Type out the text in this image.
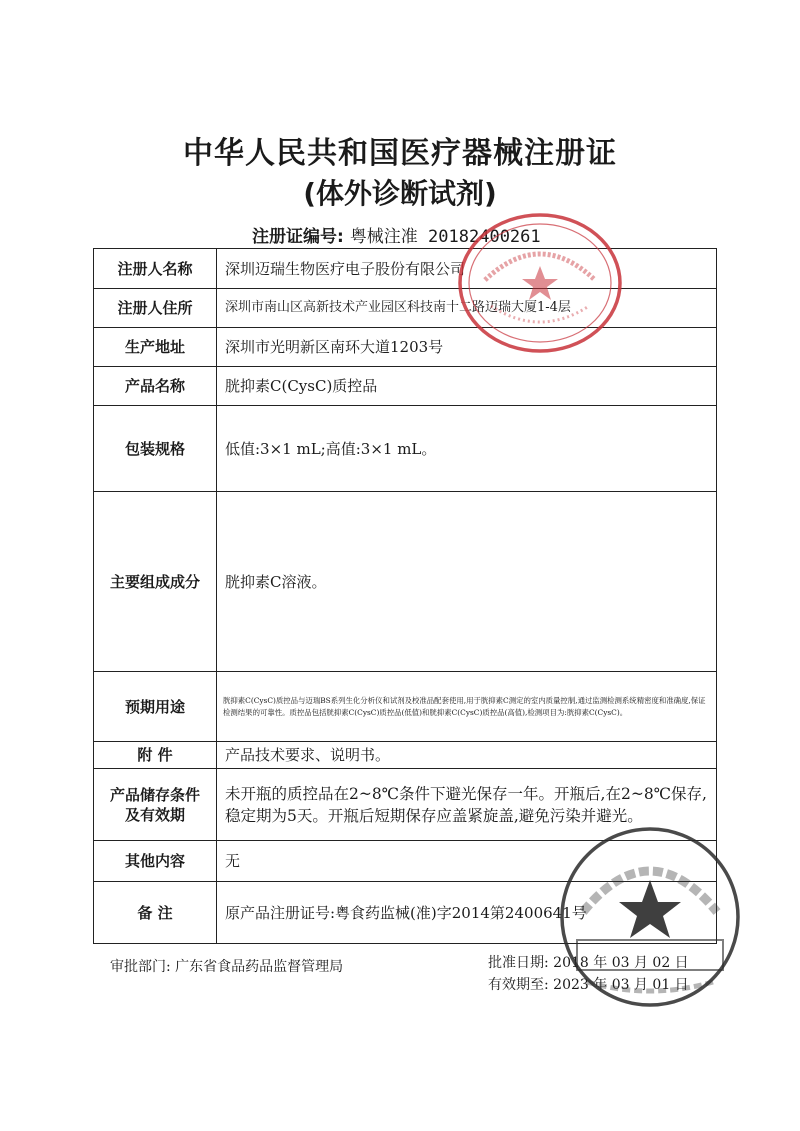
中华人民共和国医疗器械注册证
(体外诊断试剂)
注册证编号: 粤械注准 20182400261
注册人名称	深圳迈瑞生物医疗电子股份有限公司
注册人住所	深圳市南山区高新技术产业园区科技南十二路迈瑞大厦1-4层
生产地址	深圳市光明新区南环大道1203号
产品名称	胱抑素C(CysC)质控品
包装规格	低值:3×1 mL;高值:3×1 mL。
主要组成成分	胱抑素C溶液。
预期用途	胱抑素C(CysC)质控品与迈瑞BS系列生化分析仪和试剂及校准品配套使用,用于胱抑素C测定的室内质量控制,通过监测检测系统精密度和准确度,保证检测结果的可靠性。质控品包括胱抑素C(CysC)质控品(低值)和胱抑素C(CysC)质控品(高值),检测项目为:胱抑素C(CysC)。
附 件	产品技术要求、说明书。

产品储存条件
及有效期	未开瓶的质控品在2~8℃条件下避光保存一年。开瓶后,在2~8℃保存,稳定期为5天。开瓶后短期保存应盖紧旋盖,避免污染并避光。
其他内容	无
备 注	原产品注册证号:粤食药监械(准)字2014第2400641号
审批部门: 广东省食品药品监督管理局	批准日期: 2018 年 03 月 02 日
有效期至: 2023 年 03 月 01 日
